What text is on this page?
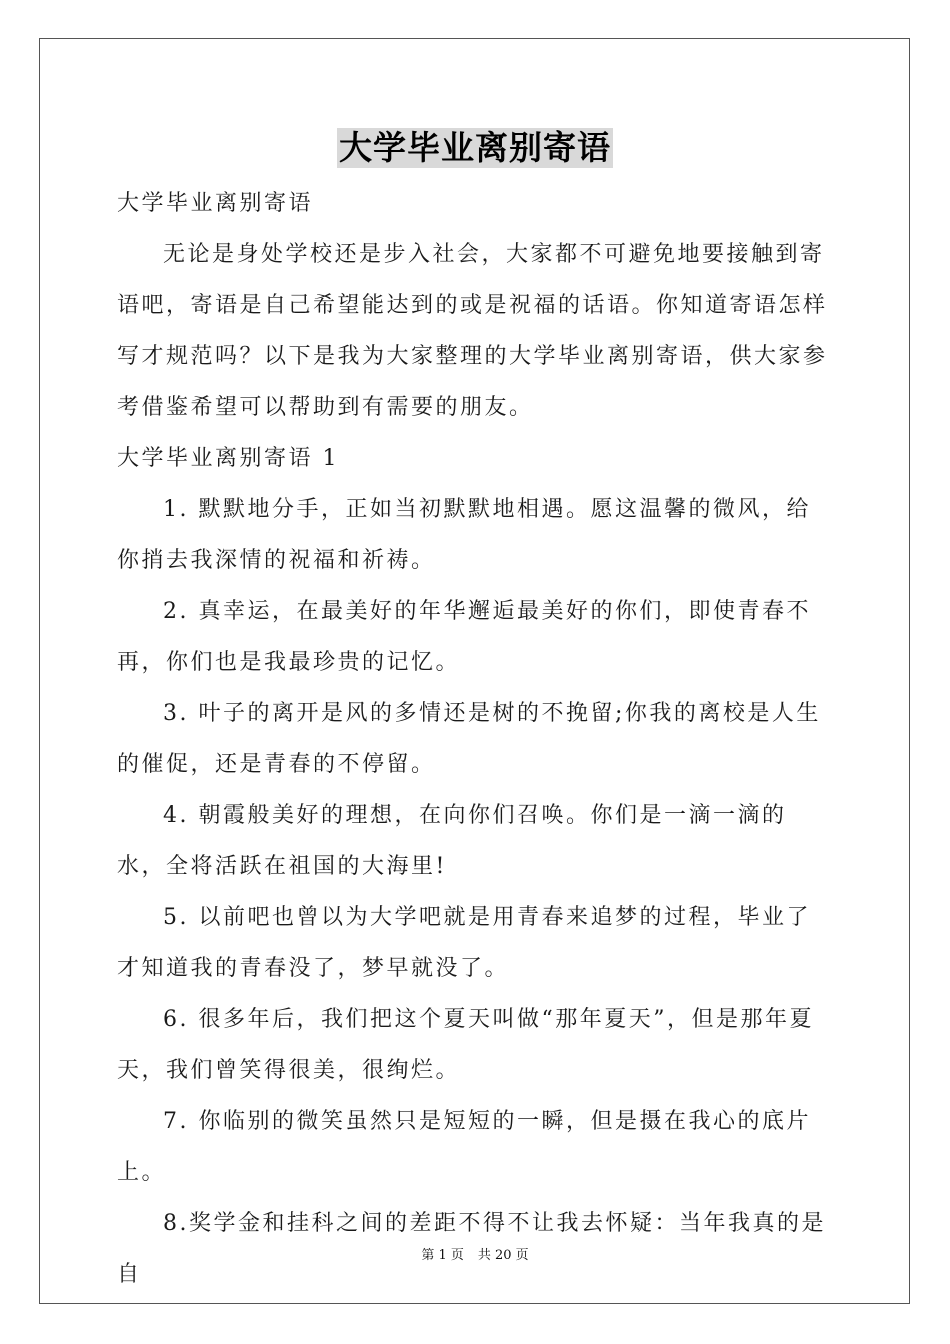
大学毕业离别寄语

大学毕业离别寄语

无论是身处学校还是步入社会，大家都不可避免地要接触到寄语吧，寄语是自己希望能达到的或是祝福的话语。你知道寄语怎样写才规范吗？以下是我为大家整理的大学毕业离别寄语，供大家参考借鉴希望可以帮助到有需要的朋友。

大学毕业离别寄语 1

1. 默默地分手，正如当初默默地相遇。愿这温馨的微风，给你捎去我深情的祝福和祈祷。

2. 真幸运，在最美好的年华邂逅最美好的你们，即使青春不再，你们也是我最珍贵的记忆。

3. 叶子的离开是风的多情还是树的不挽留;你我的离校是人生的催促，还是青春的不停留。

4. 朝霞般美好的理想，在向你们召唤。你们是一滴一滴的水，全将活跃在祖国的大海里!

5. 以前吧也曾以为大学吧就是用青春来追梦的过程，毕业了才知道我的青春没了，梦早就没了。

6. 很多年后，我们把这个夏天叫做“那年夏天”，但是那年夏天，我们曾笑得很美，很绚烂。

7. 你临别的微笑虽然只是短短的一瞬，但是摄在我心的底片上。

8.奖学金和挂科之间的差距不得不让我去怀疑：当年我真的是自

第 1 页 共 20 页
